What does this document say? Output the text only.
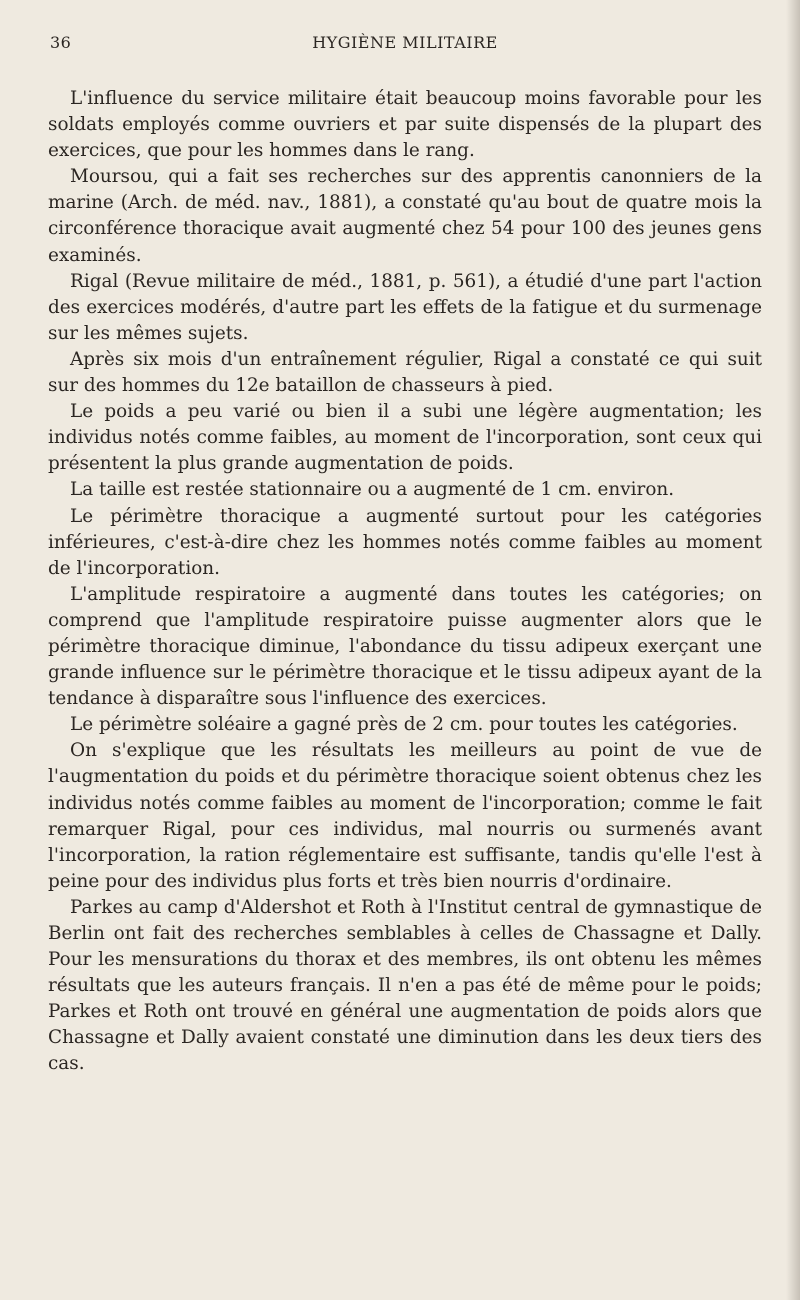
36	HYGIÈNE MILITAIRE

L'influence du service militaire était beaucoup moins favorable pour les soldats employés comme ouvriers et par suite dispensés de la plupart des exercices, que pour les hommes dans le rang.

Moursou, qui a fait ses recherches sur des apprentis canonniers de la marine (Arch. de méd. nav., 1881), a constaté qu'au bout de quatre mois la circonférence thoracique avait augmenté chez 54 pour 100 des jeunes gens examinés.

Rigal (Revue militaire de méd., 1881, p. 561), a étudié d'une part l'action des exercices modérés, d'autre part les effets de la fatigue et du surmenage sur les mêmes sujets.

Après six mois d'un entraînement régulier, Rigal a constaté ce qui suit sur des hommes du 12e bataillon de chasseurs à pied.

Le poids a peu varié ou bien il a subi une légère augmentation; les individus notés comme faibles, au moment de l'incorporation, sont ceux qui présentent la plus grande augmentation de poids.

La taille est restée stationnaire ou a augmenté de 1 cm. environ.

Le périmètre thoracique a augmenté surtout pour les catégories inférieures, c'est-à-dire chez les hommes notés comme faibles au moment de l'incorporation.

L'amplitude respiratoire a augmenté dans toutes les catégories; on comprend que l'amplitude respiratoire puisse augmenter alors que le périmètre thoracique diminue, l'abondance du tissu adipeux exerçant une grande influence sur le périmètre thoracique et le tissu adipeux ayant de la tendance à disparaître sous l'influence des exercices.

Le périmètre soléaire a gagné près de 2 cm. pour toutes les catégories.

On s'explique que les résultats les meilleurs au point de vue de l'augmentation du poids et du périmètre thoracique soient obtenus chez les individus notés comme faibles au moment de l'incorporation; comme le fait remarquer Rigal, pour ces individus, mal nourris ou surmenés avant l'incorporation, la ration réglementaire est suffisante, tandis qu'elle l'est à peine pour des individus plus forts et très bien nourris d'ordinaire.

Parkes au camp d'Aldershot et Roth à l'Institut central de gymnastique de Berlin ont fait des recherches semblables à celles de Chassagne et Dally. Pour les mensurations du thorax et des membres, ils ont obtenu les mêmes résultats que les auteurs français. Il n'en a pas été de même pour le poids; Parkes et Roth ont trouvé en général une augmentation de poids alors que Chassagne et Dally avaient constaté une diminution dans les deux tiers des cas.
